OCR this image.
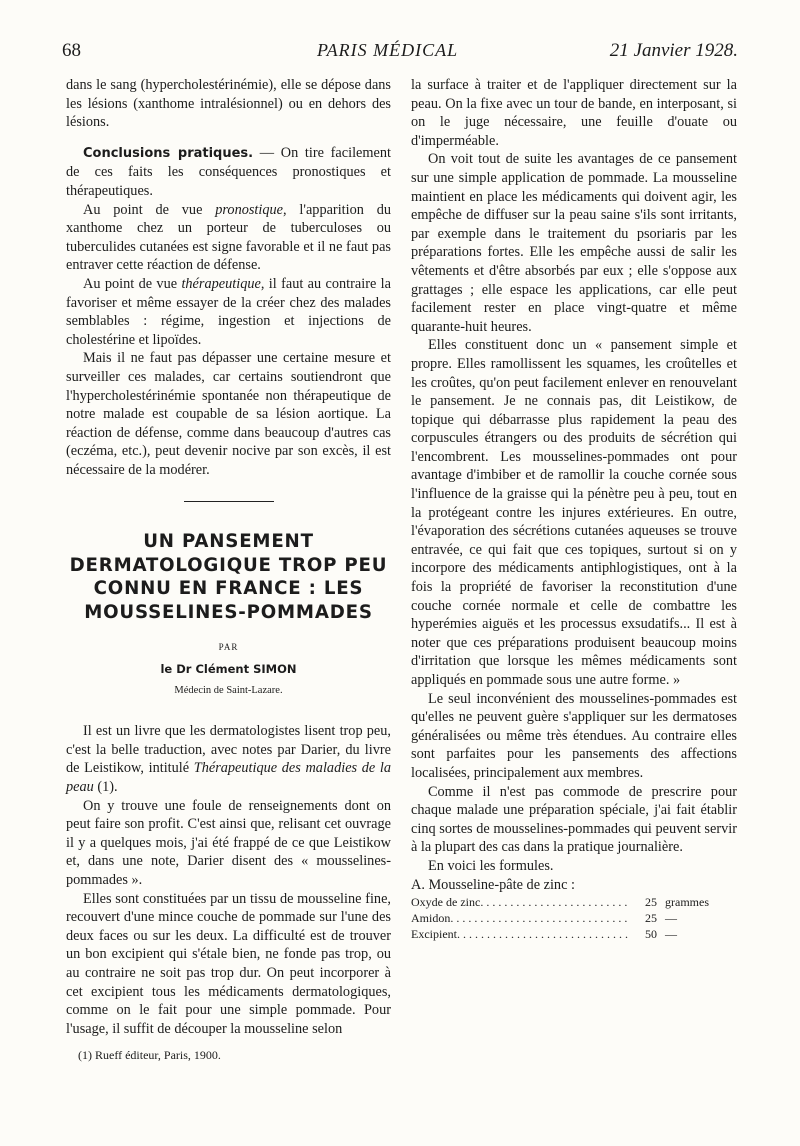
68	PARIS MÉDICAL	21 Janvier 1928.

dans le sang (hypercholestérinémie), elle se dépose dans les lésions (xanthome intralésionnel) ou en dehors des lésions.

Conclusions pratiques. — On tire facilement de ces faits les conséquences pronostiques et thérapeutiques.

Au point de vue pronostique, l'apparition du xanthome chez un porteur de tuberculoses ou tuberculides cutanées est signe favorable et il ne faut pas entraver cette réaction de défense.

Au point de vue thérapeutique, il faut au contraire la favoriser et même essayer de la créer chez des malades semblables : régime, ingestion et injections de cholestérine et lipoïdes.

Mais il ne faut pas dépasser une certaine mesure et surveiller ces malades, car certains soutiendront que l'hypercholestérinémie spontanée non thérapeutique de notre malade est coupable de sa lésion aortique. La réaction de défense, comme dans beaucoup d'autres cas (eczéma, etc.), peut devenir nocive par son excès, il est nécessaire de la modérer.

UN PANSEMENT DERMATOLOGIQUE TROP PEU CONNU EN FRANCE : LES MOUSSELINES-POMMADES
PAR
le Dr Clément SIMON
Médecin de Saint-Lazare.

Il est un livre que les dermatologistes lisent trop peu, c'est la belle traduction, avec notes par Darier, du livre de Leistikow, intitulé Thérapeutique des maladies de la peau (1).

On y trouve une foule de renseignements dont on peut faire son profit. C'est ainsi que, relisant cet ouvrage il y a quelques mois, j'ai été frappé de ce que Leistikow et, dans une note, Darier disent des « mousselines-pommades ».

Elles sont constituées par un tissu de mousseline fine, recouvert d'une mince couche de pommade sur l'une des deux faces ou sur les deux. La difficulté est de trouver un bon excipient qui s'étale bien, ne fonde pas trop, ou au contraire ne soit pas trop dur. On peut incorporer à cet excipient tous les médicaments dermatologiques, comme on le fait pour une simple pommade. Pour l'usage, il suffit de découper la mousseline selon

(1) Rueff éditeur, Paris, 1900.

la surface à traiter et de l'appliquer directement sur la peau. On la fixe avec un tour de bande, en interposant, si on le juge nécessaire, une feuille d'ouate ou d'imperméable.

On voit tout de suite les avantages de ce pansement sur une simple application de pommade. La mousseline maintient en place les médicaments qui doivent agir, les empêche de diffuser sur la peau saine s'ils sont irritants, par exemple dans le traitement du psoriaris par les préparations fortes. Elle les empêche aussi de salir les vêtements et d'être absorbés par eux ; elle s'oppose aux grattages ; elle espace les applications, car elle peut facilement rester en place vingt-quatre et même quarante-huit heures.

Elles constituent donc un « pansement simple et propre. Elles ramollissent les squames, les croûtelles et les croûtes, qu'on peut facilement enlever en renouvelant le pansement. Je ne connais pas, dit Leistikow, de topique qui débarrasse plus rapidement la peau des corpuscules étrangers ou des produits de sécrétion qui l'encombrent. Les mousselines-pommades ont pour avantage d'imbiber et de ramollir la couche cornée sous l'influence de la graisse qui la pénètre peu à peu, tout en la protégeant contre les injures extérieures. En outre, l'évaporation des sécrétions cutanées aqueuses se trouve entravée, ce qui fait que ces topiques, surtout si on y incorpore des médicaments antiphlogistiques, ont à la fois la propriété de favoriser la reconstitution d'une couche cornée normale et celle de combattre les hyperémies aiguës et les processus exsudatifs... Il est à noter que ces préparations produisent beaucoup moins d'irritation que lorsque les mêmes médicaments sont appliqués en pommade sous une autre forme. »

Le seul inconvénient des mousselines-pommades est qu'elles ne peuvent guère s'appliquer sur les dermatoses généralisées ou même très étendues. Au contraire elles sont parfaites pour les pansements des affections localisées, principalement aux membres.

Comme il n'est pas commode de prescrire pour chaque malade une préparation spéciale, j'ai fait établir cinq sortes de mousselines-pommades qui peuvent servir à la plupart des cas dans la pratique journalière.

En voici les formules.

A. Mousseline-pâte de zinc :

Oxyde de zinc . . .	25 grammes
Amidon . . .	25 —
Excipient . . .	50 —
